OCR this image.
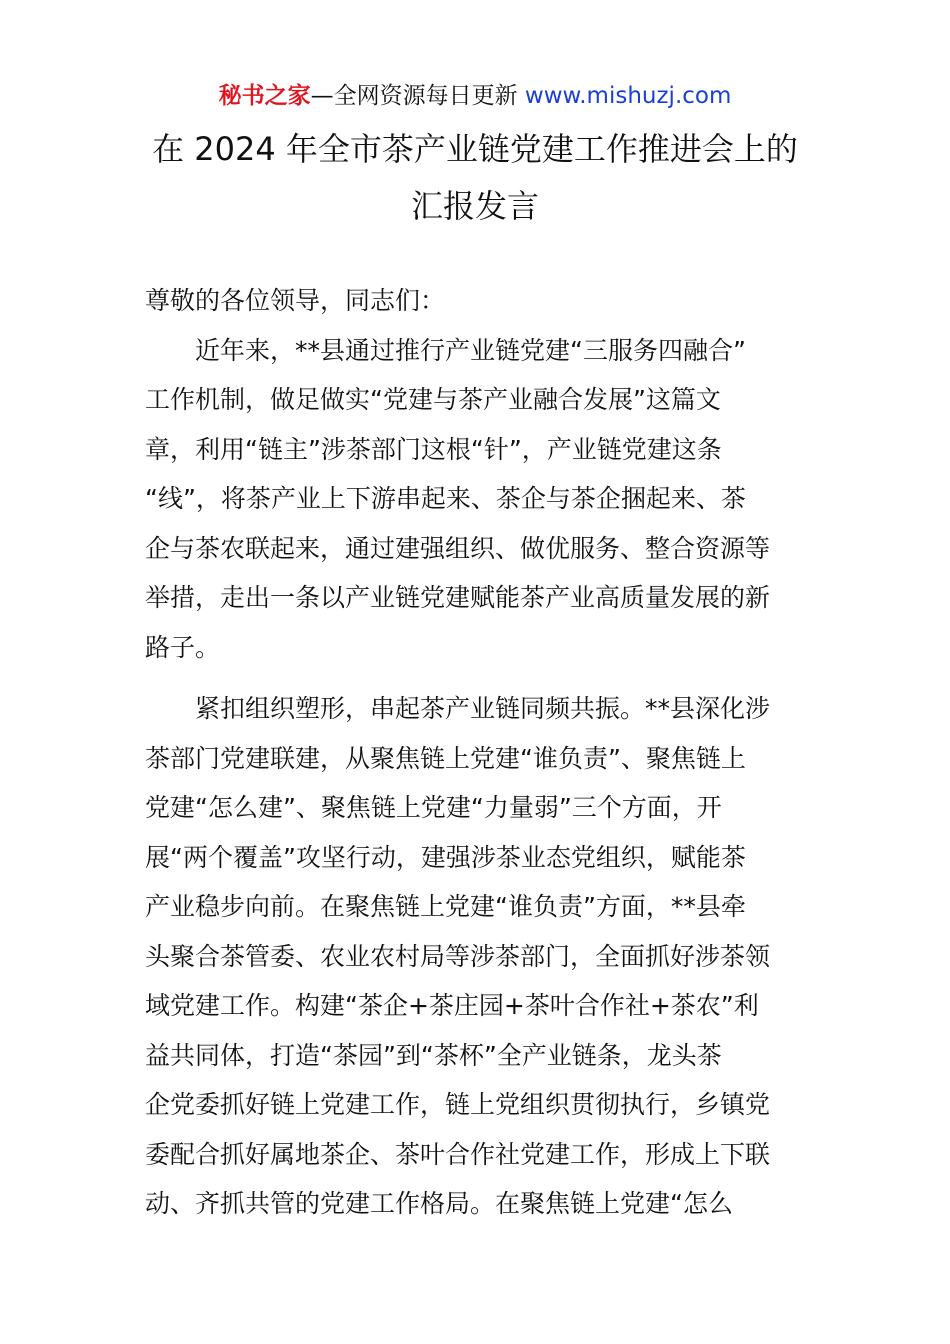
秘书之家—全网资源每日更新 www.mishuzj.com
在 2024 年全市茶产业链党建工作推进会上的
汇报发言
尊敬的各位领导，同志们：
　　近年来，**县通过推行产业链党建“三服务四融合”
工作机制，做足做实“党建与茶产业融合发展”这篇文
章，利用“链主”涉茶部门这根“针”，产业链党建这条
“线”，将茶产业上下游串起来、茶企与茶企捆起来、茶
企与茶农联起来，通过建强组织、做优服务、整合资源等
举措，走出一条以产业链党建赋能茶产业高质量发展的新
路子。
　　紧扣组织塑形，串起茶产业链同频共振。**县深化涉
茶部门党建联建，从聚焦链上党建“谁负责”、聚焦链上
党建“怎么建”、聚焦链上党建“力量弱”三个方面，开
展“两个覆盖”攻坚行动，建强涉茶业态党组织，赋能茶
产业稳步向前。在聚焦链上党建“谁负责”方面，**县牵
头聚合茶管委、农业农村局等涉茶部门，全面抓好涉茶领
域党建工作。构建“茶企+茶庄园+茶叶合作社+茶农”利
益共同体，打造“茶园”到“茶杯”全产业链条，龙头茶
企党委抓好链上党建工作，链上党组织贯彻执行，乡镇党
委配合抓好属地茶企、茶叶合作社党建工作，形成上下联
动、齐抓共管的党建工作格局。在聚焦链上党建“怎么
